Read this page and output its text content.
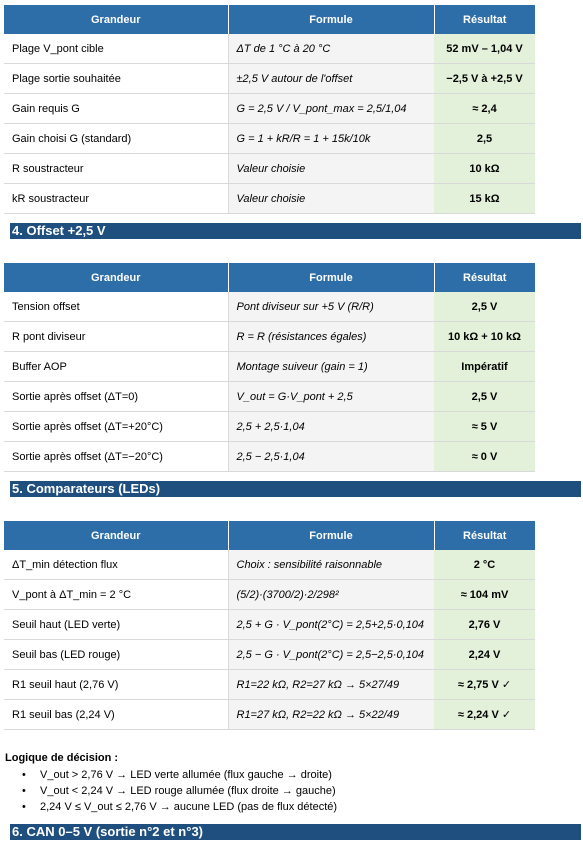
Grandeur	Formule	Résultat
Plage V_pont cible	ΔT de 1 °C à 20 °C	52 mV – 1,04 V
Plage sortie souhaitée	±2,5 V autour de l'offset	−2,5 V à +2,5 V
Gain requis G	G = 2,5 V / V_pont_max = 2,5/1,04	≈ 2,4
Gain choisi G (standard)	G = 1 + kR/R = 1 + 15k/10k	2,5
R soustracteur	Valeur choisie	10 kΩ
kR soustracteur	Valeur choisie	15 kΩ
4. Offset +2,5 V
Grandeur	Formule	Résultat
Tension offset	Pont diviseur sur +5 V (R/R)	2,5 V
R pont diviseur	R = R (résistances égales)	10 kΩ + 10 kΩ
Buffer AOP	Montage suiveur (gain = 1)	Impératif
Sortie après offset (ΔT=0)	V_out = G·V_pont + 2,5	2,5 V
Sortie après offset (ΔT=+20°C)	2,5 + 2,5·1,04	≈ 5 V
Sortie après offset (ΔT=−20°C)	2,5 − 2,5·1,04	≈ 0 V
5. Comparateurs (LEDs)
Grandeur	Formule	Résultat
ΔT_min détection flux	Choix : sensibilité raisonnable	2 °C
V_pont à ΔT_min = 2 °C	(5/2)·(3700/2)·2/298²	≈ 104 mV
Seuil haut (LED verte)	2,5 + G · V_pont(2°C) = 2,5+2,5·0,104	2,76 V
Seuil bas (LED rouge)	2,5 − G · V_pont(2°C) = 2,5−2,5·0,104	2,24 V
R1 seuil haut (2,76 V)	R1=22 kΩ, R2=27 kΩ → 5×27/49	≈ 2,75 V ✓
R1 seuil bas (2,24 V)	R1=27 kΩ, R2=22 kΩ → 5×22/49	≈ 2,24 V ✓
Logique de décision :
• V_out > 2,76 V → LED verte allumée (flux gauche → droite)
• V_out < 2,24 V → LED rouge allumée (flux droite → gauche)
• 2,24 V ≤ V_out ≤ 2,76 V → aucune LED (pas de flux détecté)
6. CAN 0–5 V (sortie n°2 et n°3)
